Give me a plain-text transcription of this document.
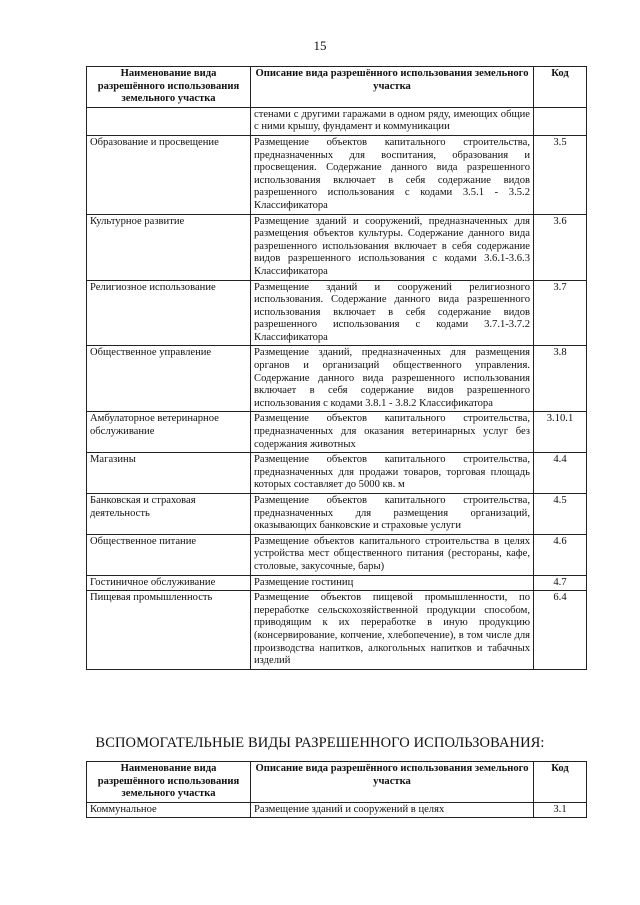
15
Наименование вида разрешённого использования земельного участка	Описание вида разрешённого использования земельного участка	Код
	стенами с другими гаражами в одном ряду, имеющих общие с ними крышу, фундамент и коммуникации	
Образование и просвещение	Размещение объектов капитального строительства, предназначенных для воспитания, образования и просвещения. Содержание данного вида разрешенного использования включает в себя содержание видов разрешенного использования с кодами 3.5.1 - 3.5.2 Классификатора	3.5
Культурное развитие	Размещение зданий и сооружений, предназначенных для размещения объектов культуры. Содержание данного вида разрешенного использования включает в себя содержание видов разрешенного использования с кодами 3.6.1-3.6.3 Классификатора	3.6
Религиозное использование	Размещение зданий и сооружений религиозного использования. Содержание данного вида разрешенного использования включает в себя содержание видов разрешенного использования с кодами 3.7.1-3.7.2 Классификатора	3.7
Общественное управление	Размещение зданий, предназначенных для размещения органов и организаций общественного управления. Содержание данного вида разрешенного использования включает в себя содержание видов разрешенного использования с кодами 3.8.1 - 3.8.2 Классификатора	3.8
Амбулаторное ветеринарное обслуживание	Размещение объектов капитального строительства, предназначенных для оказания ветеринарных услуг без содержания животных	3.10.1
Магазины	Размещение объектов капитального строительства, предназначенных для продажи товаров, торговая площадь которых составляет до 5000 кв. м	4.4
Банковская и страховая деятельность	Размещение объектов капитального строительства, предназначенных для размещения организаций, оказывающих банковские и страховые услуги	4.5
Общественное питание	Размещение объектов капитального строительства в целях устройства мест общественного питания (рестораны, кафе, столовые, закусочные, бары)	4.6
Гостиничное обслуживание	Размещение гостиниц	4.7
Пищевая промышленность	Размещение объектов пищевой промышленности, по переработке сельскохозяйственной продукции способом, приводящим к их переработке в иную продукцию (консервирование, копчение, хлебопечение), в том числе для производства напитков, алкогольных напитков и табачных изделий	6.4
ВСПОМОГАТЕЛЬНЫЕ ВИДЫ РАЗРЕШЕННОГО ИСПОЛЬЗОВАНИЯ:
Наименование вида разрешённого использования земельного участка	Описание вида разрешённого использования земельного участка	Код
Коммунальное	Размещение зданий и сооружений в целях	3.1
